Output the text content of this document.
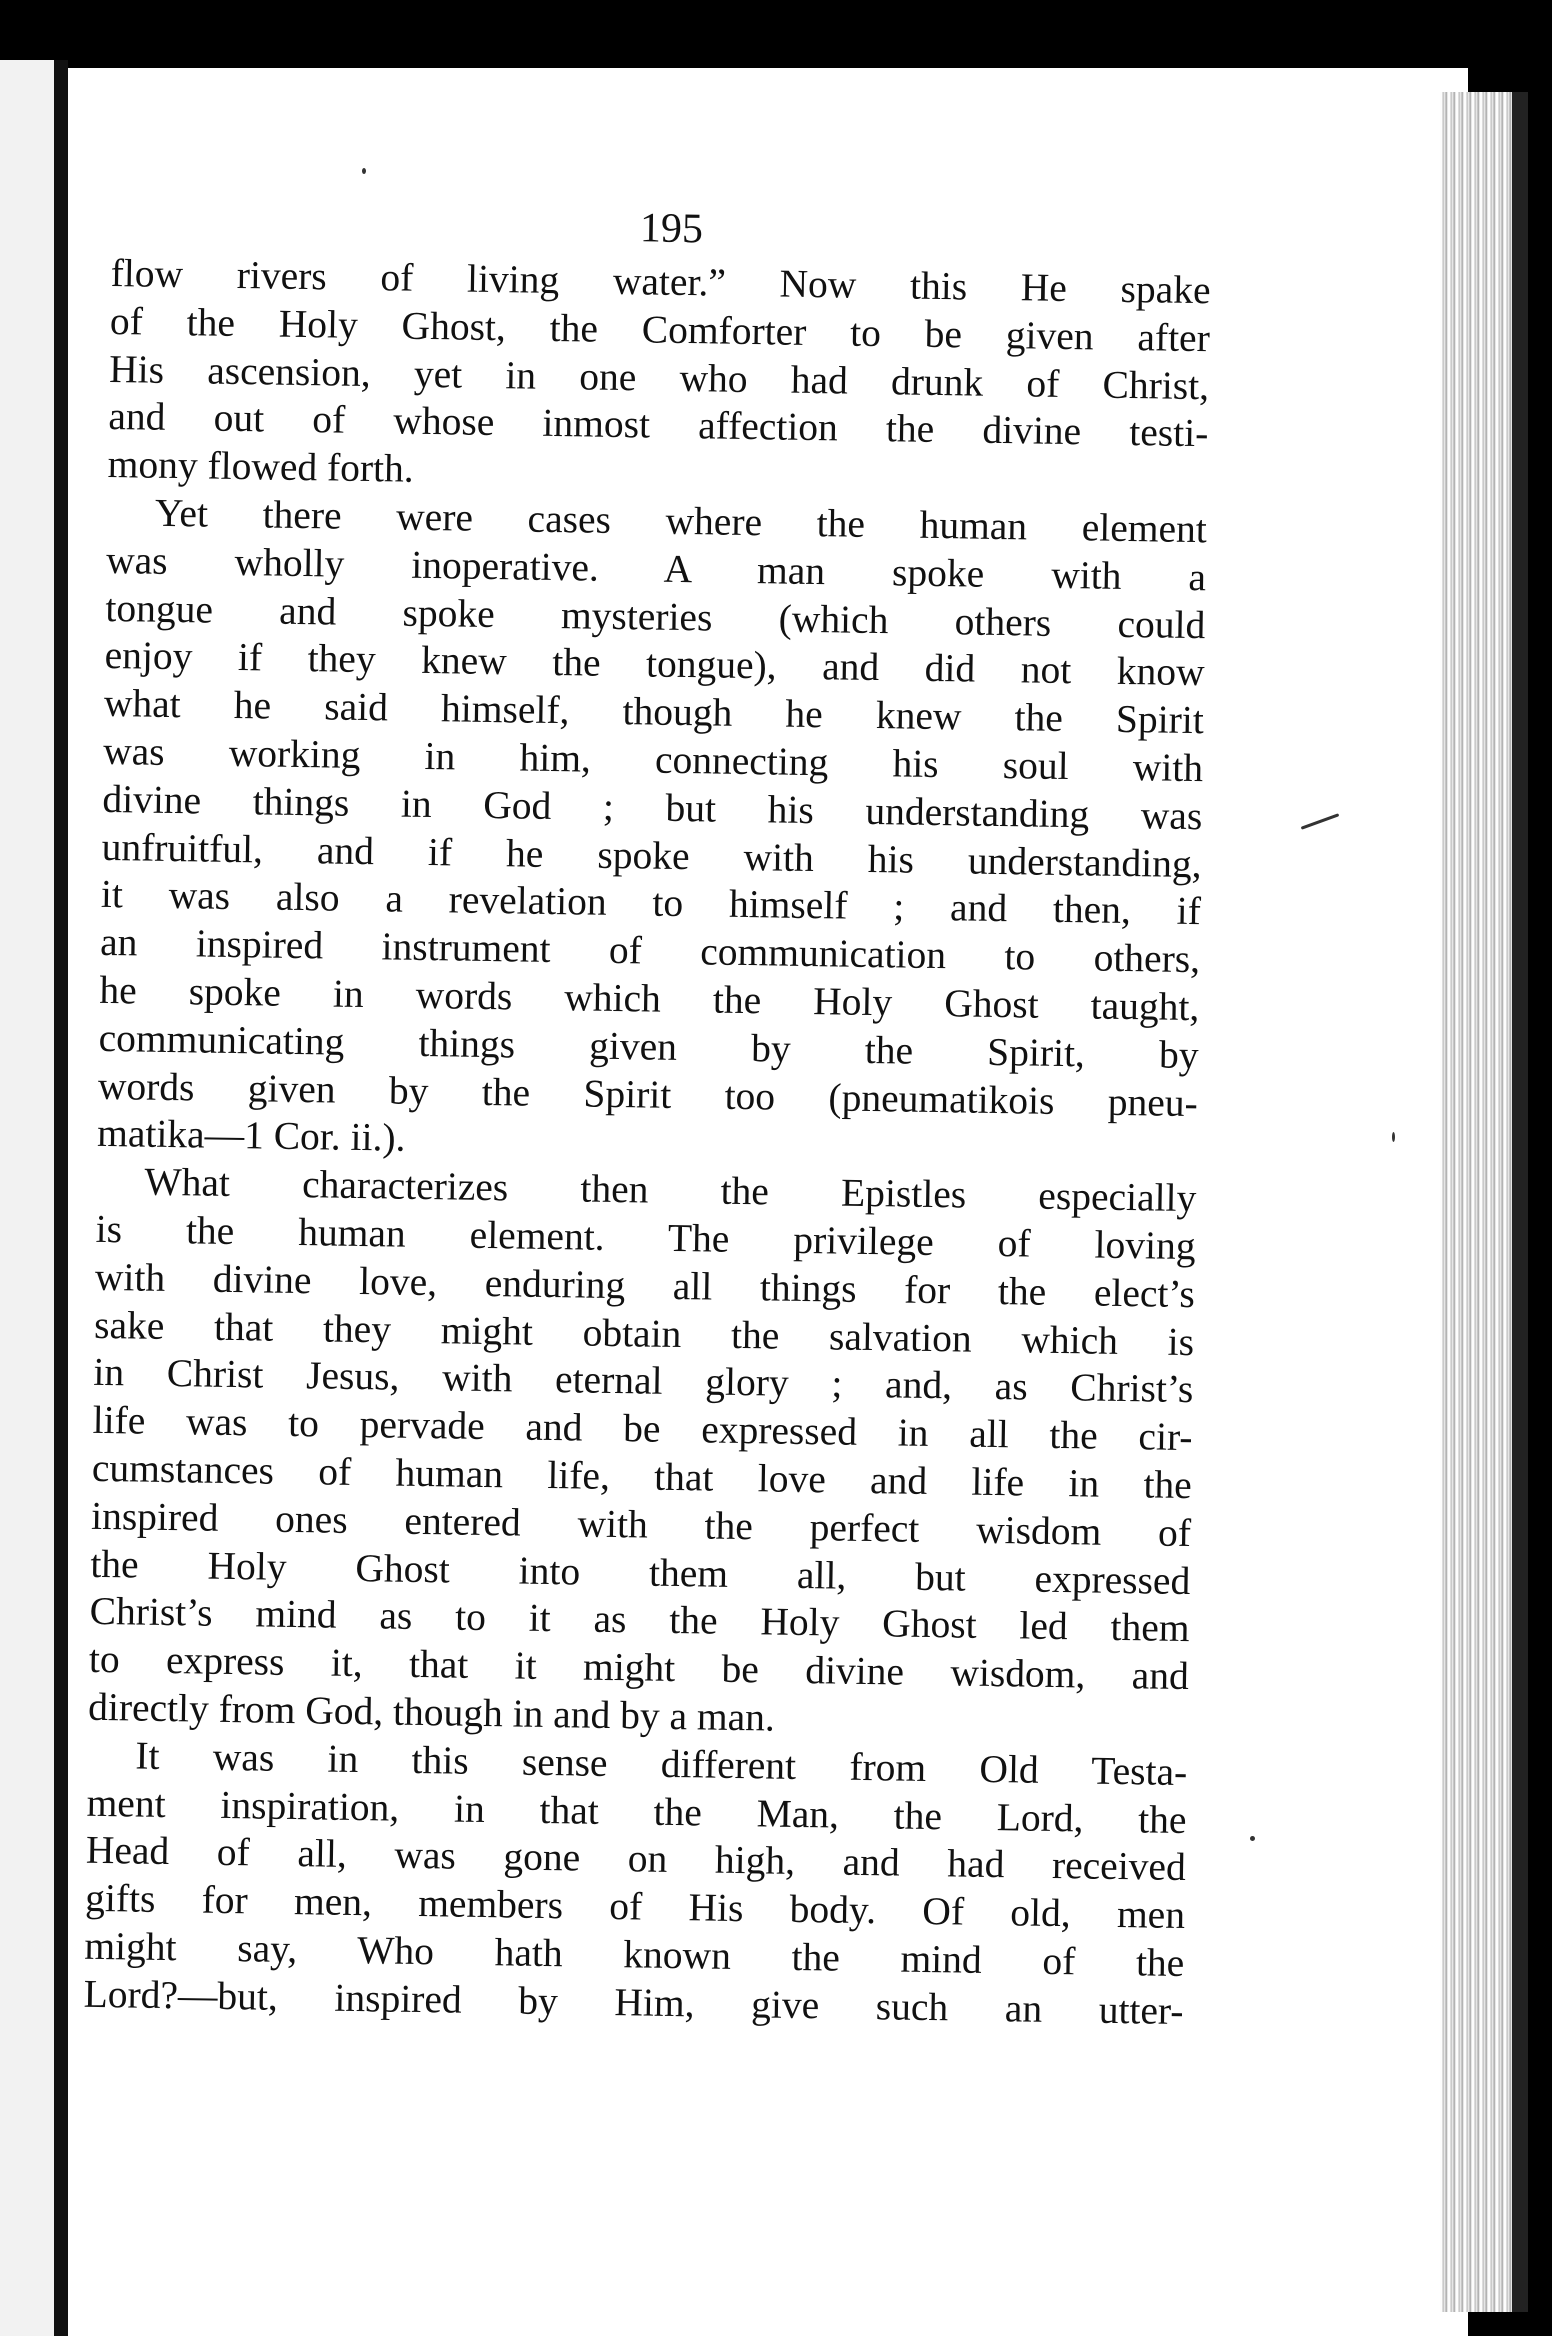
195

flow rivers of living water.” Now this He spake
of the Holy Ghost, the Comforter to be given after
His ascension, yet in one who had drunk of Christ,
and out of whose inmost affection the divine testi-
mony flowed forth.

Yet there were cases where the human element
was wholly inoperative. A man spoke with a
tongue and spoke mysteries (which others could
enjoy if they knew the tongue), and did not know
what he said himself, though he knew the Spirit
was working in him, connecting his soul with
divine things in God ; but his understanding was
unfruitful, and if he spoke with his understanding,
it was also a revelation to himself ; and then, if
an inspired instrument of communication to others,
he spoke in words which the Holy Ghost taught,
communicating things given by the Spirit, by
words given by the Spirit too (pneumatikois pneu-
matika—1 Cor. ii.).

What characterizes then the Epistles especially
is the human element. The privilege of loving
with divine love, enduring all things for the elect’s
sake that they might obtain the salvation which is
in Christ Jesus, with eternal glory ; and, as Christ’s
life was to pervade and be expressed in all the cir-
cumstances of human life, that love and life in the
inspired ones entered with the perfect wisdom of
the Holy Ghost into them all, but expressed
Christ’s mind as to it as the Holy Ghost led them
to express it, that it might be divine wisdom, and
directly from God, though in and by a man.

It was in this sense different from Old Testa-
ment inspiration, in that the Man, the Lord, the
Head of all, was gone on high, and had received
gifts for men, members of His body. Of old, men
might say, Who hath known the mind of the
Lord?—but, inspired by Him, give such an utter-
